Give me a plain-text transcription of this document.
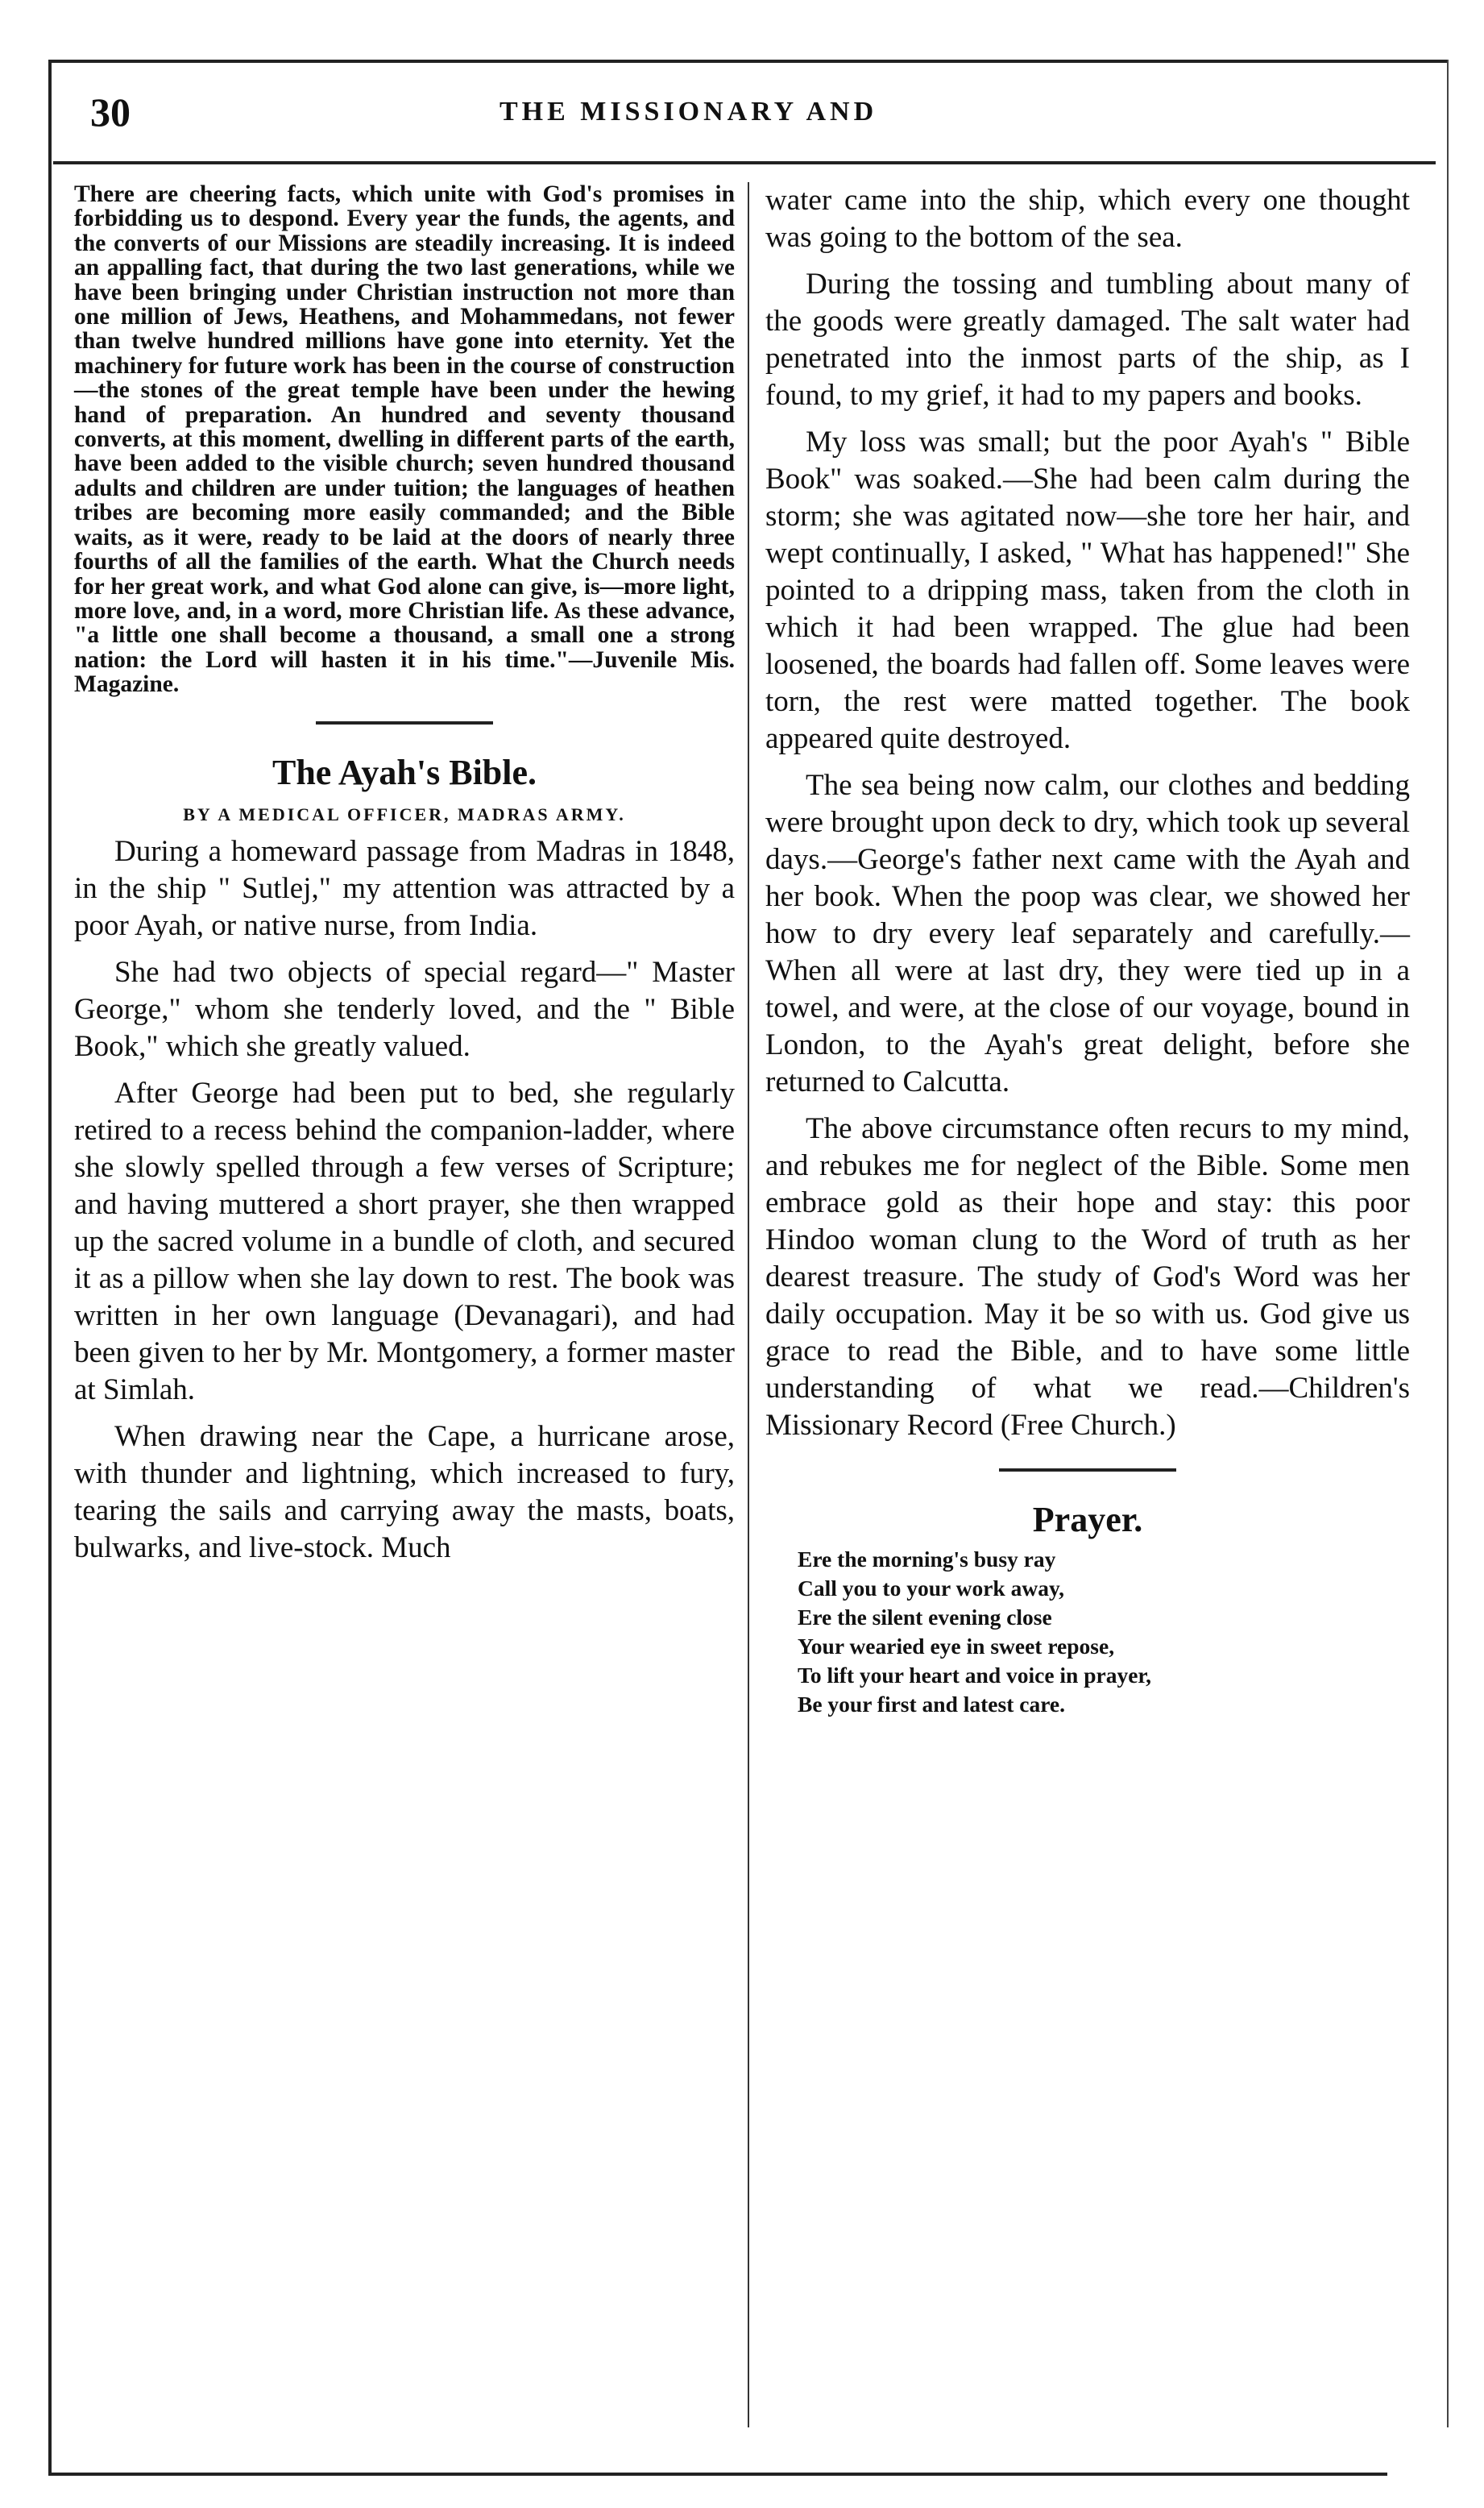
30	THE MISSIONARY AND

There are cheering facts, which unite with God's promises in forbidding us to despond. Every year the funds, the agents, and the converts of our Missions are steadily increasing. It is indeed an appalling fact, that during the two last generations, while we have been bringing under Christian instruction not more than one million of Jews, Heathens, and Mohammedans, not fewer than twelve hundred millions have gone into eternity. Yet the machinery for future work has been in the course of construction—the stones of the great temple have been under the hewing hand of preparation. An hundred and seventy thousand converts, at this moment, dwelling in different parts of the earth, have been added to the visible church; seven hundred thousand adults and children are under tuition; the languages of heathen tribes are becoming more easily commanded; and the Bible waits, as it were, ready to be laid at the doors of nearly three fourths of all the families of the earth. What the Church needs for her great work, and what God alone can give, is—more light, more love, and, in a word, more Christian life. As these advance, "a little one shall become a thousand, a small one a strong nation: the Lord will hasten it in his time."—Juvenile Mis. Magazine.

The Ayah's Bible.
BY A MEDICAL OFFICER, MADRAS ARMY.

During a homeward passage from Madras in 1848, in the ship " Sutlej," my attention was attracted by a poor Ayah, or native nurse, from India.

She had two objects of special regard—" Master George," whom she tenderly loved, and the " Bible Book," which she greatly valued.

After George had been put to bed, she regularly retired to a recess behind the companion-ladder, where she slowly spelled through a few verses of Scripture; and having muttered a short prayer, she then wrapped up the sacred volume in a bundle of cloth, and secured it as a pillow when she lay down to rest. The book was written in her own language (Devanagari), and had been given to her by Mr. Montgomery, a former master at Simlah.

When drawing near the Cape, a hurricane arose, with thunder and lightning, which increased to fury, tearing the sails and carrying away the masts, boats, bulwarks, and live-stock. Much

water came into the ship, which every one thought was going to the bottom of the sea.

During the tossing and tumbling about many of the goods were greatly damaged. The salt water had penetrated into the inmost parts of the ship, as I found, to my grief, it had to my papers and books.

My loss was small; but the poor Ayah's " Bible Book" was soaked.—She had been calm during the storm; she was agitated now—she tore her hair, and wept continually, I asked, " What has happened!" She pointed to a dripping mass, taken from the cloth in which it had been wrapped. The glue had been loosened, the boards had fallen off. Some leaves were torn, the rest were matted together. The book appeared quite destroyed.

The sea being now calm, our clothes and bedding were brought upon deck to dry, which took up several days.—George's father next came with the Ayah and her book. When the poop was clear, we showed her how to dry every leaf separately and carefully.—When all were at last dry, they were tied up in a towel, and were, at the close of our voyage, bound in London, to the Ayah's great delight, before she returned to Calcutta.

The above circumstance often recurs to my mind, and rebukes me for neglect of the Bible. Some men embrace gold as their hope and stay: this poor Hindoo woman clung to the Word of truth as her dearest treasure. The study of God's Word was her daily occupation. May it be so with us. God give us grace to read the Bible, and to have some little understanding of what we read.—Children's Missionary Record (Free Church.)

Prayer.
Ere the morning's busy ray
Call you to your work away,
Ere the silent evening close
Your wearied eye in sweet repose,
To lift your heart and voice in prayer,
Be your first and latest care.
